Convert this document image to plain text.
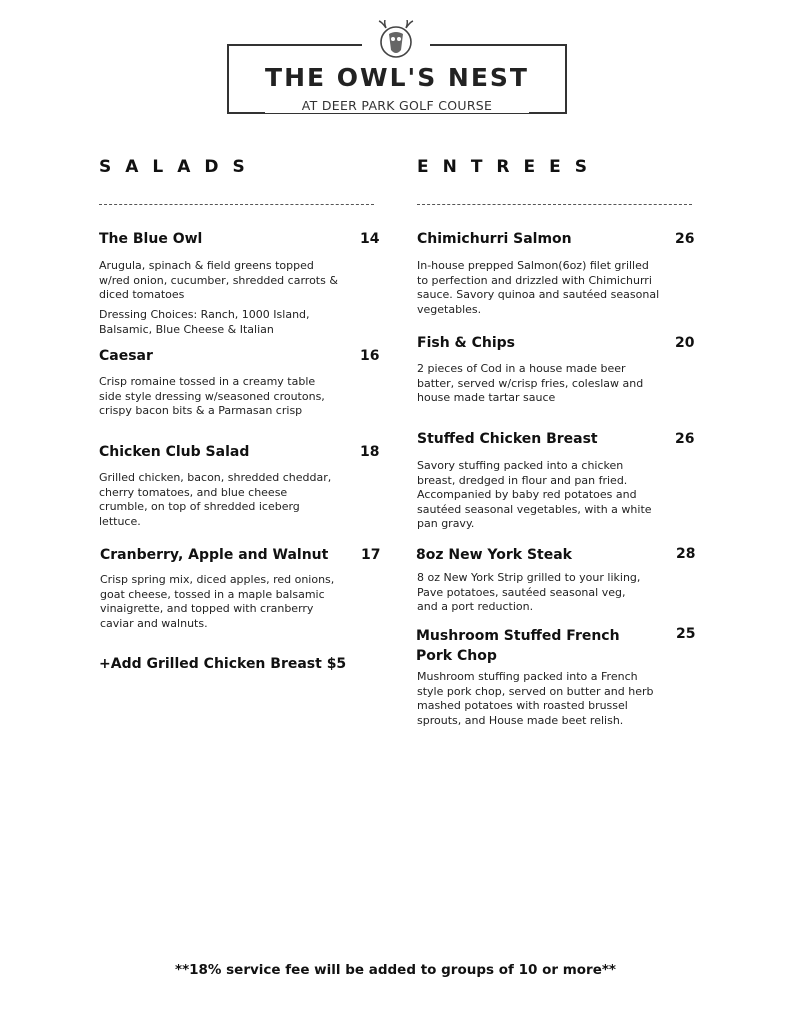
THE OWL'S NEST
AT DEER PARK GOLF COURSE
SALADS
The Blue Owl	14
Arugula, spinach & field greens topped w/red onion, cucumber, shredded carrots & diced tomatoes
Dressing Choices: Ranch, 1000 Island, Balsamic, Blue Cheese & Italian
Caesar	16
Crisp romaine tossed in a creamy table side style dressing w/seasoned croutons, crispy bacon bits & a Parmasan crisp
Chicken Club Salad	18
Grilled chicken, bacon, shredded cheddar, cherry tomatoes, and blue cheese crumble, on top of shredded iceberg lettuce.
Cranberry, Apple and Walnut 17
Crisp spring mix, diced apples, red onions, goat cheese, tossed in a maple balsamic vinaigrette, and topped with cranberry caviar and walnuts.
+Add Grilled Chicken Breast $5
ENTREES
Chimichurri Salmon	26
In-house prepped Salmon(6oz) filet grilled to perfection and drizzled with Chimichurri sauce. Savory quinoa and sautéed seasonal vegetables.
Fish & Chips	20
2 pieces of Cod in a house made beer batter, served w/crisp fries, coleslaw and house made tartar sauce
Stuffed Chicken Breast	26
Savory stuffing packed into a chicken breast, dredged in flour and pan fried. Accompanied by baby red potatoes and sautéed seasonal vegetables, with a white pan gravy.
8oz New York Steak	28
8 oz New York Strip grilled to your liking, Pave potatoes, sautéed seasonal veg, and a port reduction.
Mushroom Stuffed French Pork Chop
25
Mushroom stuffing packed into a French style pork chop, served on butter and herb mashed potatoes with roasted brussel sprouts, and House made beet relish.
**18% service fee will be added to groups of 10 or more**
